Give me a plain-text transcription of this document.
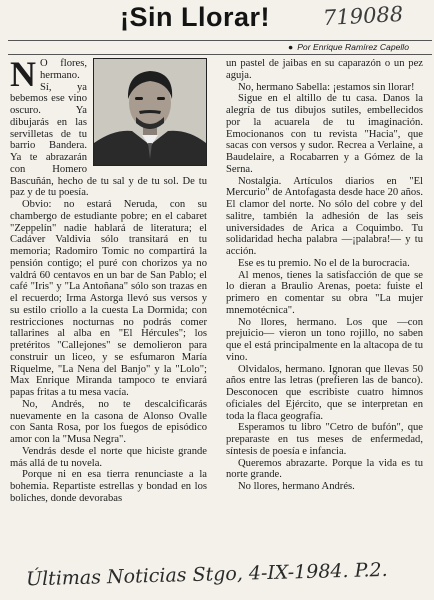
¡Sin Llorar! 719088
● Por Enrique Ramírez Capello

N O flores, hermano. Sí, ya bebemos ese vino oscuro. Ya dibujarás en las servilletas de tu barrio Bandera. Ya te abrazarán con Homero Bascuñán, hecho de tu sal y de tu sol. De tu paz y de tu poesía.

Obvio: no estará Neruda, con su chambergo de estudiante pobre; en el cabaret "Zeppelín" nadie hablará de literatura; el Cadáver Valdivia sólo transitará en tu memoria; Radomiro Tomic no compartirá la pensión contigo; el puré con chorizos ya no valdrá 60 centavos en un bar de San Pablo; el café "Iris" y "La Antoñana" sólo son trazas en el recuerdo; Irma Astorga llevó sus versos y su estilo criollo a la cuesta La Dormida; con restricciones nocturnas no podrás comer tallarines al alba en "El Hércules"; los pretéritos "Callejones" se demolieron para construir un liceo, y se esfumaron María Riquelme, "La Nena del Banjo" y la "Lolo"; Max Enrique Miranda tampoco te enviará papas fritas a tu mesa vacía.

No, Andrés, no te descalcificarás nuevamente en la casona de Alonso Ovalle con Santa Rosa, por los fuegos de episódico amor con la "Musa Negra".

Vendrás desde el norte que hiciste grande más allá de tu novela.

Porque ni en esa tierra renunciaste a la bohemia. Repartiste estrellas y bondad en los boliches, donde devorabas

un pastel de jaibas en su caparazón o un pez aguja.

No, hermano Sabella: ¡estamos sin llorar!

Sigue en el altillo de tu casa. Danos la alegría de tus dibujos sutiles, embellecidos por la acuarela de tu imaginación. Emocionanos con tu revista "Hacia", que sacas con versos y sudor. Recrea a Verlaine, a Baudelaire, a Rocabarren y a Gómez de la Serna.

Nostalgia. Artículos diarios en "El Mercurio" de Antofagasta desde hace 20 años. El clamor del norte. No sólo del cobre y del salitre, también la adhesión de las seis universidades de Arica a Coquimbo. Tu solidaridad hecha palabra —¡palabra!— y tu acción.

Ese es tu premio. No el de la burocracia.

Al menos, tienes la satisfacción de que se lo dieran a Braulio Arenas, poeta: fuiste el primero en comentar su obra "La mujer mnemotécnica".

No llores, hermano. Los que —con prejuicio— vieron un tono rojillo, no saben que el está principalmente en la altacopa de tu vino.

Olvidalos, hermano. Ignoran que llevas 50 años entre las letras (prefieren las de banco). Desconocen que escribiste cuatro himnos oficiales del Ejército, que se interpretan en toda la flaca geografía.

Esperamos tu libro "Cetro de bufón", que preparaste en tus meses de enfermedad, síntesis de poesía e infancia.

Queremos abrazarte. Porque la vida es tu norte grande.

No llores, hermano Andrés.

Últimas Noticias Stgo, 4-IX-1984. P.2.
